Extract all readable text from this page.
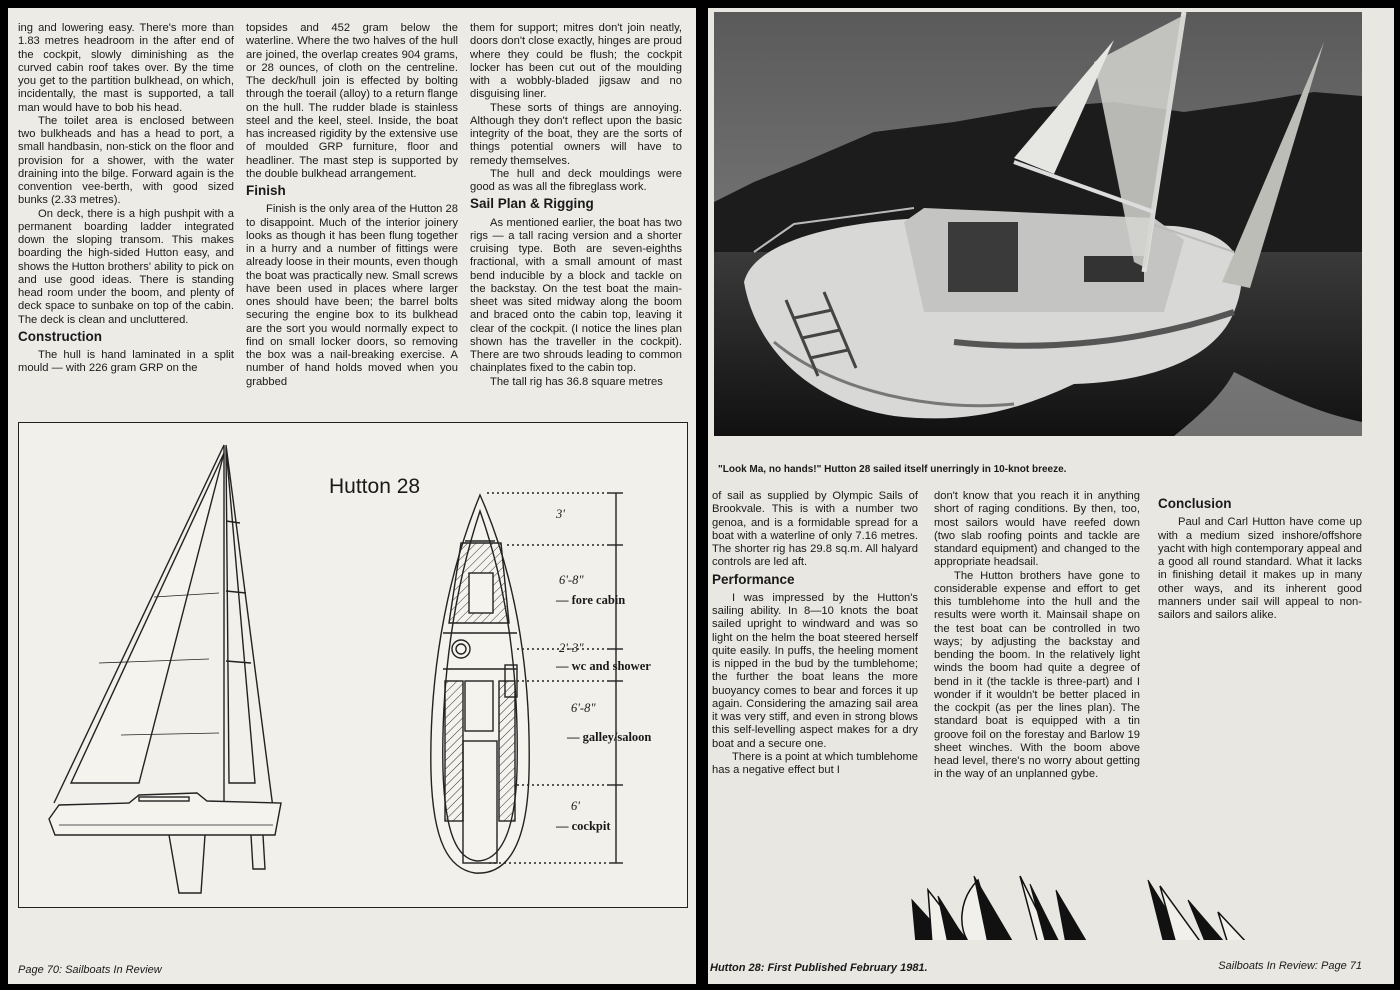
ing and lowering easy. There's more than 1.83 metres headroom in the after end of the cockpit, slowly diminishing as the curved cabin roof takes over. By the time you get to the partition bulkhead, on which, incidentally, the mast is supported, a tall man would have to bob his head.

The toilet area is enclosed between two bulkheads and has a head to port, a small handbasin, non-stick on the floor and provision for a shower, with the water draining into the bilge. Forward again is the convention vee-berth, with good sized bunks (2.33 metres).

On deck, there is a high pushpit with a permanent boarding ladder integrated down the sloping transom. This makes boarding the high-sided Hutton easy, and shows the Hutton brothers' ability to pick on and use good ideas. There is standing head room under the boom, and plenty of deck space to sunbake on top of the cabin. The deck is clean and uncluttered.

Construction

The hull is hand laminated in a split mould — with 226 gram GRP on the

topsides and 452 gram below the waterline. Where the two halves of the hull are joined, the overlap creates 904 grams, or 28 ounces, of cloth on the centreline. The deck/hull join is effected by bolting through the toerail (alloy) to a return flange on the hull. The rudder blade is stainless steel and the keel, steel. Inside, the boat has increased rigidity by the extensive use of moulded GRP furniture, floor and headliner. The mast step is supported by the double bulkhead arrangement.

Finish

Finish is the only area of the Hutton 28 to disappoint. Much of the interior joinery looks as though it has been flung together in a hurry and a number of fittings were already loose in their mounts, even though the boat was practically new. Small screws have been used in places where larger ones should have been; the barrel bolts securing the engine box to its bulkhead are the sort you would normally expect to find on small locker doors, so removing the box was a nail-breaking exercise. A number of hand holds moved when you grabbed

them for support; mitres don't join neatly, doors don't close exactly, hinges are proud where they could be flush; the cockpit locker has been cut out of the moulding with a wobbly-bladed jigsaw and no disguising liner.

These sorts of things are annoying. Although they don't reflect upon the basic integrity of the boat, they are the sorts of things potential owners will have to remedy themselves.

The hull and deck mouldings were good as was all the fibreglass work.

Sail Plan & Rigging

As mentioned earlier, the boat has two rigs — a tall racing version and a shorter cruising type. Both are seven-eighths fractional, with a small amount of mast bend inducible by a block and tackle on the backstay. On the test boat the main-sheet was sited midway along the boom and braced onto the cabin top, leaving it clear of the cockpit. (I notice the lines plan shown has the traveller in the cockpit). There are two shrouds leading to common chainplates fixed to the cabin top.

The tall rig has 36.8 square metres

Hutton 28
3'
6'-8"
— fore cabin
2'-3"
— wc and shower
6'-8"
— galley/saloon
6'
— cockpit
Page 70: Sailboats In Review
"Look Ma, no hands!" Hutton 28 sailed itself unerringly in 10-knot breeze.

of sail as supplied by Olympic Sails of Brookvale. This is with a number two genoa, and is a formidable spread for a boat with a waterline of only 7.16 metres. The shorter rig has 29.8 sq.m. All halyard controls are led aft.

Performance

I was impressed by the Hutton's sailing ability. In 8—10 knots the boat sailed upright to windward and was so light on the helm the boat steered herself quite easily. In puffs, the heeling moment is nipped in the bud by the tumblehome; the further the boat leans the more buoyancy comes to bear and forces it up again. Considering the amazing sail area it was very stiff, and even in strong blows this self-levelling aspect makes for a dry boat and a secure one.

There is a point at which tumblehome has a negative effect but I

don't know that you reach it in anything short of raging conditions. By then, too, most sailors would have reefed down (two slab roofing points and tackle are standard equipment) and changed to the appropriate headsail.

The Hutton brothers have gone to considerable expense and effort to get this tumblehome into the hull and the results were worth it. Mainsail shape on the test boat can be controlled in two ways; by adjusting the backstay and bending the boom. In the relatively light winds the boom had quite a degree of bend in it (the tackle is three-part) and I wonder if it wouldn't be better placed in the cockpit (as per the lines plan). The standard boat is equipped with a tin groove foil on the forestay and Barlow 19 sheet winches. With the boom above head level, there's no worry about getting in the way of an unplanned gybe.

Conclusion

Paul and Carl Hutton have come up with a medium sized inshore/offshore yacht with high contemporary appeal and a good all round standard. What it lacks in finishing detail it makes up in many other ways, and its inherent good manners under sail will appeal to non-sailors and sailors alike.

Hutton 28: First Published February 1981.	Sailboats In Review: Page 71
